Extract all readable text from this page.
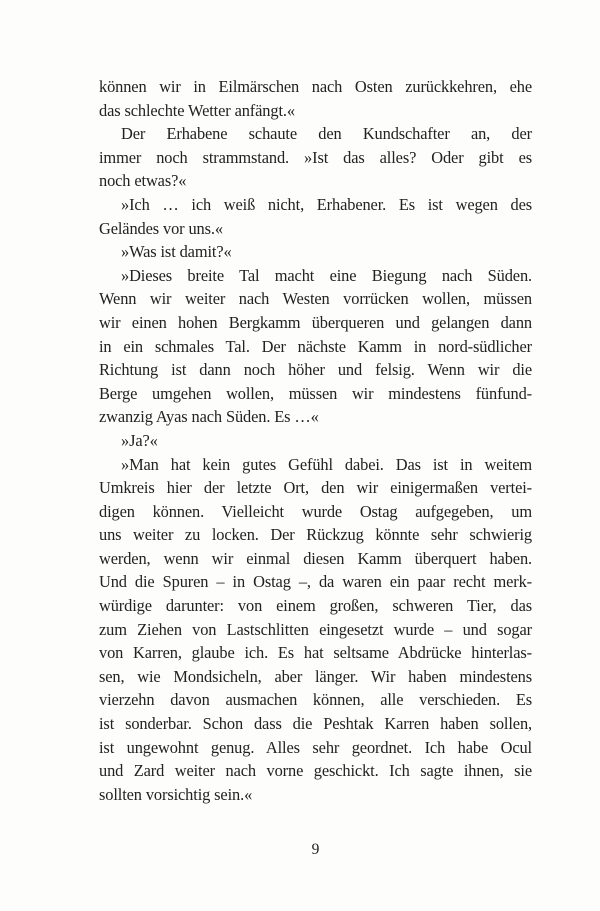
können wir in Eilmärschen nach Osten zurückkehren, ehe
das schlechte Wetter anfängt.«
Der Erhabene schaute den Kundschafter an, der
immer noch strammstand. »Ist das alles? Oder gibt es
noch etwas?«
»Ich … ich weiß nicht, Erhabener. Es ist wegen des
Geländes vor uns.«
»Was ist damit?«
»Dieses breite Tal macht eine Biegung nach Süden.
Wenn wir weiter nach Westen vorrücken wollen, müssen
wir einen hohen Bergkamm überqueren und gelangen dann
in ein schmales Tal. Der nächste Kamm in nord-südlicher
Richtung ist dann noch höher und felsig. Wenn wir die
Berge umgehen wollen, müssen wir mindestens fünfund-
zwanzig Ayas nach Süden. Es …«
»Ja?«
»Man hat kein gutes Gefühl dabei. Das ist in weitem
Umkreis hier der letzte Ort, den wir einigermaßen vertei-
digen können. Vielleicht wurde Ostag aufgegeben, um
uns weiter zu locken. Der Rückzug könnte sehr schwierig
werden, wenn wir einmal diesen Kamm überquert haben.
Und die Spuren – in Ostag –, da waren ein paar recht merk-
würdige darunter: von einem großen, schweren Tier, das
zum Ziehen von Lastschlitten eingesetzt wurde – und sogar
von Karren, glaube ich. Es hat seltsame Abdrücke hinterlas-
sen, wie Mondsicheln, aber länger. Wir haben mindestens
vierzehn davon ausmachen können, alle verschieden. Es
ist sonderbar. Schon dass die Peshtak Karren haben sollen,
ist ungewohnt genug. Alles sehr geordnet. Ich habe Ocul
und Zard weiter nach vorne geschickt. Ich sagte ihnen, sie
sollten vorsichtig sein.«
9
